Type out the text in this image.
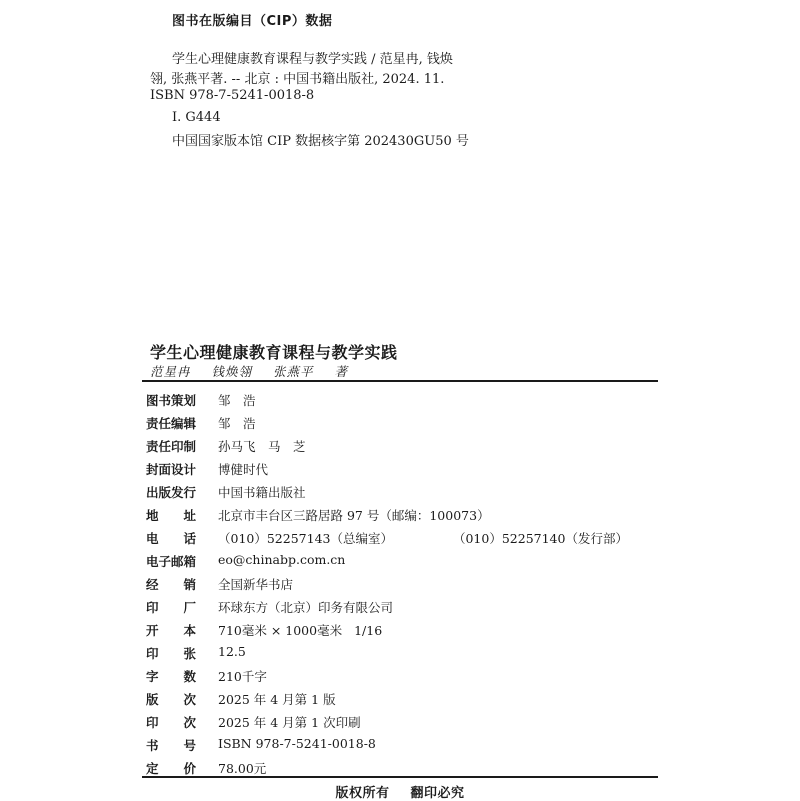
图书在版编目（CIP）数据
学生心理健康教育课程与教学实践 / 范星冉, 钱焕
翎, 张燕平著. -- 北京 : 中国书籍出版社, 2024. 11.
ISBN 978-7-5241-0018-8
Ⅰ. G444
中国国家版本馆 CIP 数据核字第 202430GU50 号
学生心理健康教育课程与教学实践
范星冉 钱焕翎 张燕平 著
图书策划 邹　浩
责任编辑 邹　浩
责任印制 孙马飞　马　芝
封面设计 博健时代
出版发行 中国书籍出版社
地　　址 北京市丰台区三路居路 97 号（邮编：100073）
电　　话 （010）52257143（总编室）	（010）52257140（发行部）
电子邮箱 eo@chinabp.com.cn
经　　销 全国新华书店
印　　厂 环球东方（北京）印务有限公司
开　　本 710毫米 × 1000毫米 1/16
印　　张 12.5
字　　数 210千字
版　　次 2025 年 4 月第 1 版
印　　次 2025 年 4 月第 1 次印刷
书　　号 ISBN 978-7-5241-0018-8
定　　价 78.00元
版权所有 翻印必究
